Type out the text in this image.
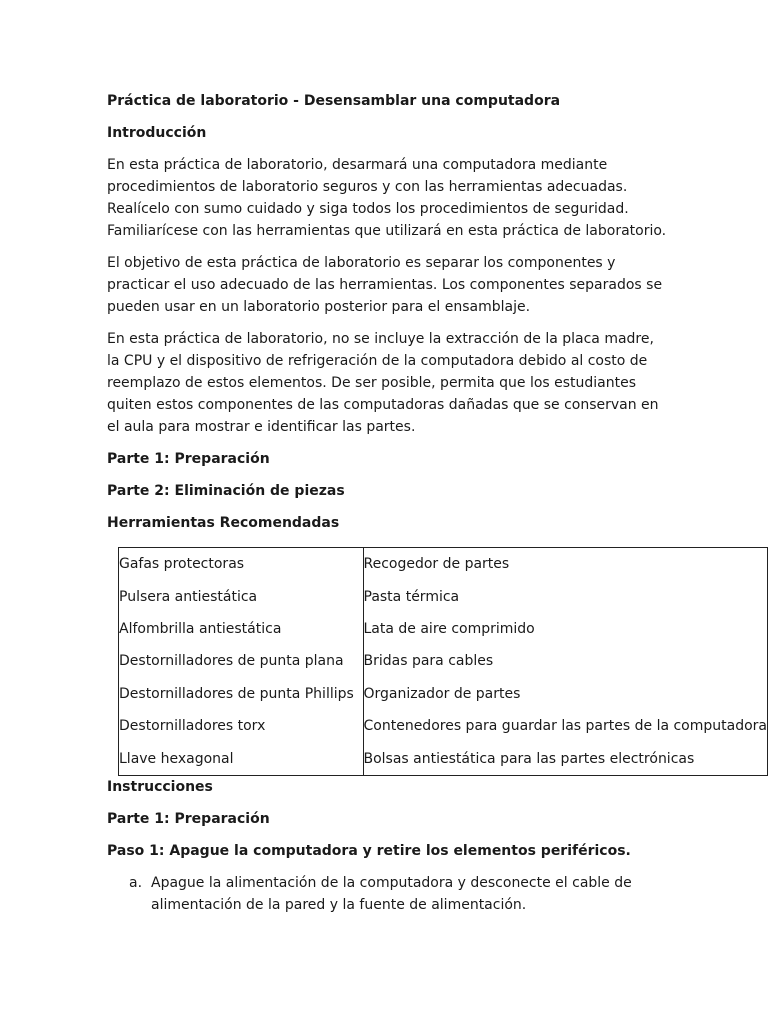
Práctica de laboratorio - Desensamblar una computadora

Introducción

En esta práctica de laboratorio, desarmará una computadora mediante procedimientos de laboratorio seguros y con las herramientas adecuadas. Realícelo con sumo cuidado y siga todos los procedimientos de seguridad. Familiarícese con las herramientas que utilizará en esta práctica de laboratorio.

El objetivo de esta práctica de laboratorio es separar los componentes y practicar el uso adecuado de las herramientas. Los componentes separados se pueden usar en un laboratorio posterior para el ensamblaje.

En esta práctica de laboratorio, no se incluye la extracción de la placa madre, la CPU y el dispositivo de refrigeración de la computadora debido al costo de reemplazo de estos elementos. De ser posible, permita que los estudiantes quiten estos componentes de las computadoras dañadas que se conservan en el aula para mostrar e identificar las partes.

Parte 1: Preparación

Parte 2: Eliminación de piezas

Herramientas Recomendadas

Gafas protectoras	Recogedor de partes
Pulsera antiestática	Pasta térmica
Alfombrilla antiestática	Lata de aire comprimido
Destornilladores de punta plana	Bridas para cables
Destornilladores de punta Phillips	Organizador de partes
Destornilladores torx	Contenedores para guardar las partes de la computadora
Llave hexagonal	Bolsas antiestática para las partes electrónicas

Instrucciones

Parte 1: Preparación

Paso 1: Apague la computadora y retire los elementos periféricos.

a. Apague la alimentación de la computadora y desconecte el cable de alimentación de la pared y la fuente de alimentación.
